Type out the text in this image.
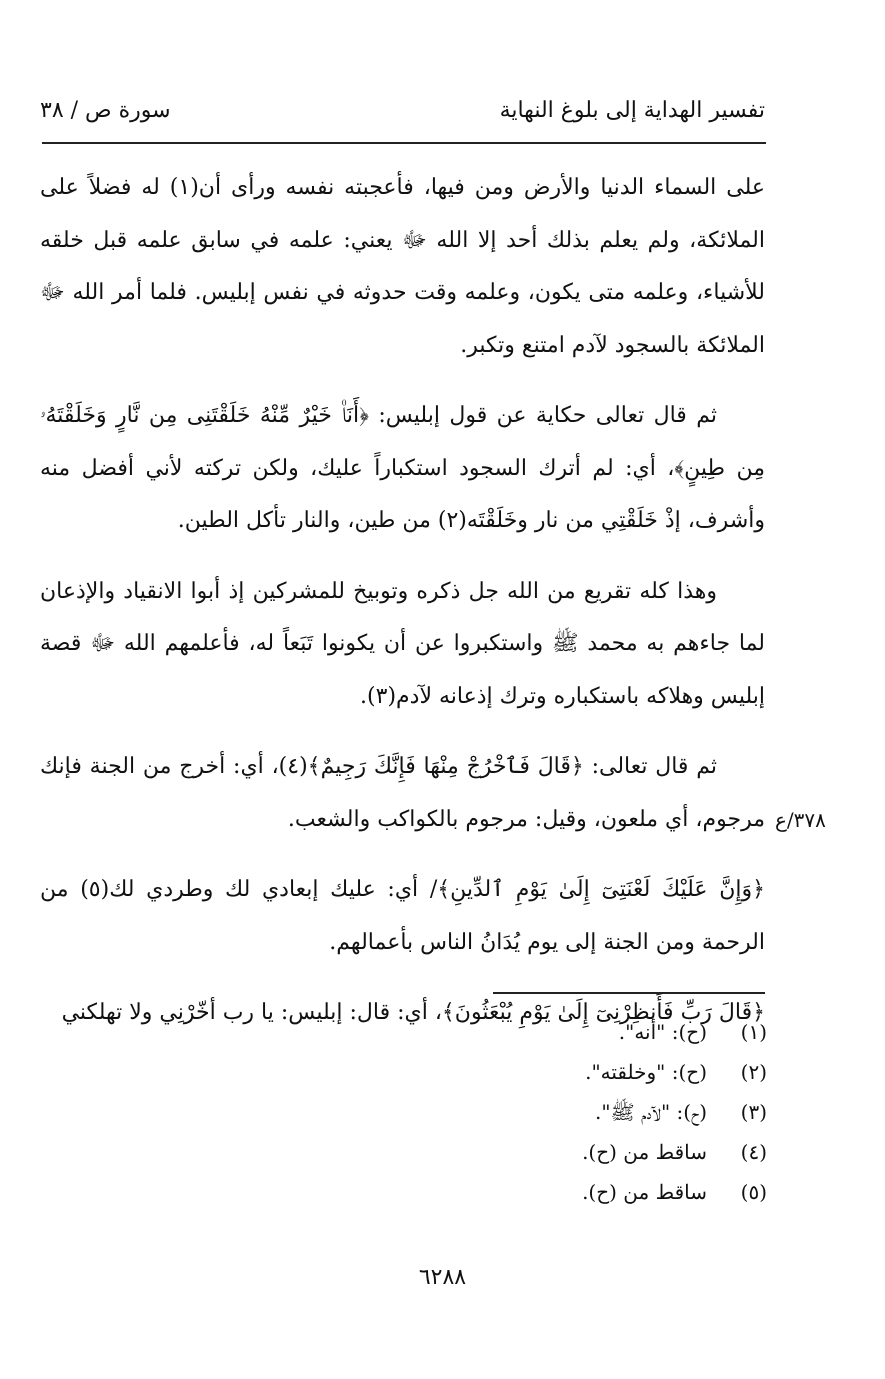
تفسير الهداية إلى بلوغ النهاية
سورة ص / ٣٨

على السماء الدنيا والأرض ومن فيها، فأعجبته نفسه ورأى أن(١) له فضلاً على الملائكة، ولم يعلم بذلك أحد إلا الله ﷻ يعني: علمه في سابق علمه قبل خلقه للأشياء، وعلمه متى يكون، وعلمه وقت حدوثه في نفس إبليس. فلما أمر الله ﷻ الملائكة بالسجود لآدم امتنع وتكبر.

ثم قال تعالى حكاية عن قول إبليس: ﴿أَنَا۠ خَيْرٌ مِّنْهُ خَلَقْتَنِى مِن نَّارٍ وَخَلَقْتَهُۥ مِن طِينٍ﴾، أي: لم أترك السجود استكباراً عليك، ولكن تركته لأني أفضل منه وأشرف، إذْ خَلَقْتِي من نار وخَلَقْتَه(٢) من طين، والنار تأكل الطين.

وهذا كله تقريع من الله جل ذكره وتوبيخ للمشركين إذ أبوا الانقياد والإذعان لما جاءهم به محمد ﷺ واستكبروا عن أن يكونوا تَبَعاً له، فأعلمهم الله ﷻ قصة إبليس وهلاكه باستكباره وترك إذعانه لآدم(٣).

ثم قال تعالى: ﴿قَالَ فَٱخْرُجْ مِنْهَا فَإِنَّكَ رَجِيمٌ﴾(٤)، أي: أخرج من الجنة فإنك مرجوم، أي ملعون، وقيل: مرجوم بالكواكب والشعب.

﴿وَإِنَّ عَلَيْكَ لَعْنَتِىٓ إِلَىٰ يَوْمِ ٱلدِّينِ﴾/ أي: عليك إبعادي لك وطردي لك(٥) من الرحمة ومن الجنة إلى يوم يُدَانُ الناس بأعمالهم.

﴿قَالَ رَبِّ فَأَنظِرْنِىٓ إِلَىٰ يَوْمِ يُبْعَثُونَ﴾، أي: قال: إبليس: يا رب أخّرْنِي ولا تهلكني

٣٧٨/ع
(١)
(ح): "أنه".
(٢)
(ح): "وخلقته".
(٣)
(ح): "لآدم ﷺ".
(٤)
ساقط من (ح).
(٥)
ساقط من (ح).
٦٢٨٨
